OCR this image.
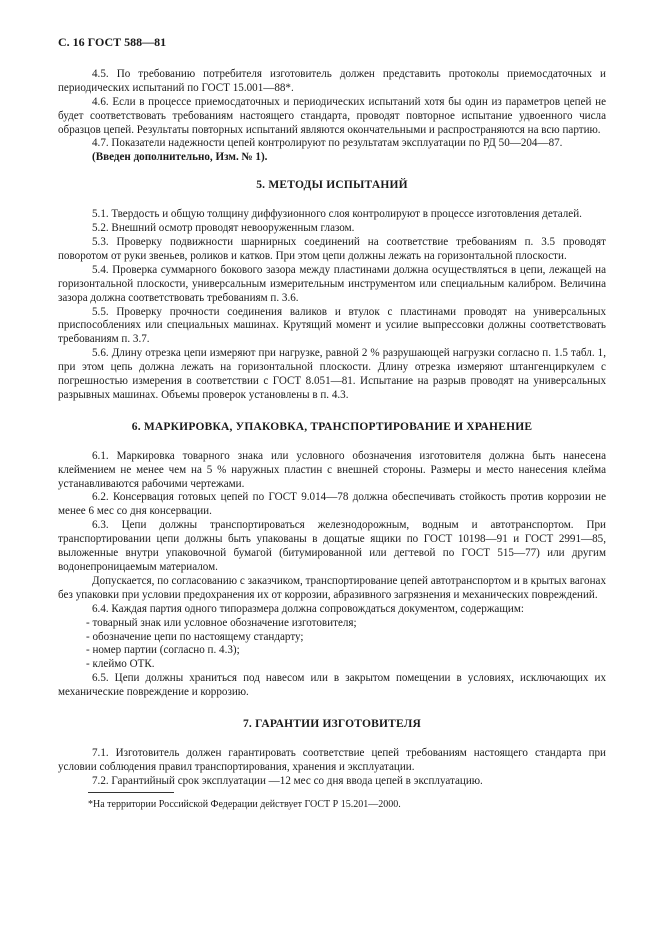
С. 16 ГОСТ 588—81

4.5. По требованию потребителя изготовитель должен представить протоколы приемосдаточных и периодических испытаний по ГОСТ 15.001—88*.

4.6. Если в процессе приемосдаточных и периодических испытаний хотя бы один из параметров цепей не будет соответствовать требованиям настоящего стандарта, проводят повторное испытание удвоенного числа образцов цепей. Результаты повторных испытаний являются окончательными и распространяются на всю партию.

4.7. Показатели надежности цепей контролируют по результатам эксплуатации по РД 50—204—87.

(Введен дополнительно, Изм. № 1).

5. МЕТОДЫ ИСПЫТАНИЙ

5.1. Твердость и общую толщину диффузионного слоя контролируют в процессе изготовления деталей.

5.2. Внешний осмотр проводят невооруженным глазом.

5.3. Проверку подвижности шарнирных соединений на соответствие требованиям п. 3.5 проводят поворотом от руки звеньев, роликов и катков. При этом цепи должны лежать на горизонтальной плоскости.

5.4. Проверка суммарного бокового зазора между пластинами должна осуществляться в цепи, лежащей на горизонтальной плоскости, универсальным измерительным инструментом или специальным калибром. Величина зазора должна соответствовать требованиям п. 3.6.

5.5. Проверку прочности соединения валиков и втулок с пластинами проводят на универсальных приспособлениях или специальных машинах. Крутящий момент и усилие выпрессовки должны соответствовать требованиям п. 3.7.

5.6. Длину отрезка цепи измеряют при нагрузке, равной 2 % разрушающей нагрузки согласно п. 1.5 табл. 1, при этом цепь должна лежать на горизонтальной плоскости. Длину отрезка измеряют штангенциркулем с погрешностью измерения в соответствии с ГОСТ 8.051—81. Испытание на разрыв проводят на универсальных разрывных машинах. Объемы проверок установлены в п. 4.3.

6. МАРКИРОВКА, УПАКОВКА, ТРАНСПОРТИРОВАНИЕ И ХРАНЕНИЕ

6.1. Маркировка товарного знака или условного обозначения изготовителя должна быть нанесена клеймением не менее чем на 5 % наружных пластин с внешней стороны. Размеры и место нанесения клейма устанавливаются рабочими чертежами.

6.2. Консервация готовых цепей по ГОСТ 9.014—78 должна обеспечивать стойкость против коррозии не менее 6 мес со дня консервации.

6.3. Цепи должны транспортироваться железнодорожным, водным и автотранспортом. При транспортировании цепи должны быть упакованы в дощатые ящики по ГОСТ 10198—91 и ГОСТ 2991—85, выложенные внутри упаковочной бумагой (битумированной или дегтевой по ГОСТ 515—77) или другим водонепроницаемым материалом.

Допускается, по согласованию с заказчиком, транспортирование цепей автотранспортом и в крытых вагонах без упаковки при условии предохранения их от коррозии, абразивного загрязнения и механических повреждений.

6.4. Каждая партия одного типоразмера должна сопровождаться документом, содержащим:

- товарный знак или условное обозначение изготовителя;

- обозначение цепи по настоящему стандарту;

- номер партии (согласно п. 4.3);

- клеймо ОТК.

6.5. Цепи должны храниться под навесом или в закрытом помещении в условиях, исключающих их механические повреждение и коррозию.

7. ГАРАНТИИ ИЗГОТОВИТЕЛЯ

7.1. Изготовитель должен гарантировать соответствие цепей требованиям настоящего стандарта при условии соблюдения правил транспортирования, хранения и эксплуатации.

7.2. Гарантийный срок эксплуатации —12 мес со дня ввода цепей в эксплуатацию.

*На территории Российской Федерации действует ГОСТ Р 15.201—2000.
